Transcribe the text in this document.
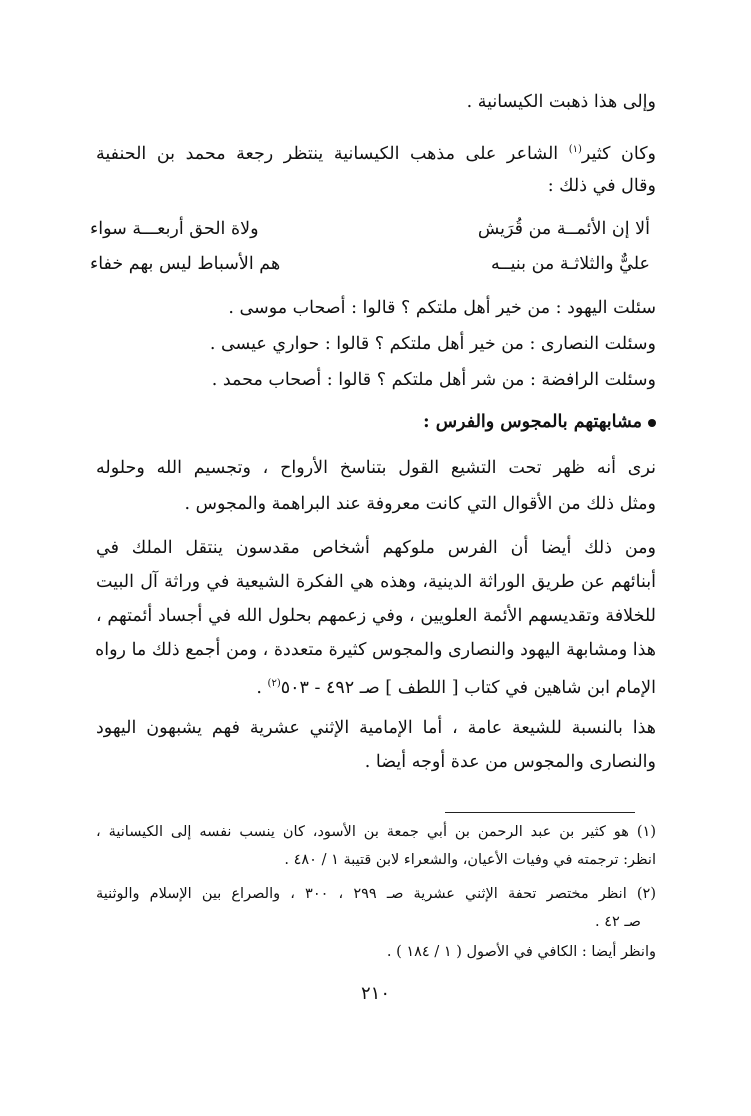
وإلى هذا ذهبت الكيسانية .
وكان كثير$^{(١)}$ الشاعر على مذهب الكيسانية ينتظر رجعة محمد بن الحنفية
وقال في ذلك :
ألا إن الأئمــة من قُرَيش
ولاة الحق أربعـــة سواء
عليٌّ والثلاثـة من بنيــه
هم الأسباط ليس بهم خفاء
سئلت اليهود : من خير أهل ملتكم ؟ قالوا : أصحاب موسى .
وسئلت النصارى : من خير أهل ملتكم ؟ قالوا : حواري عيسى .
وسئلت الرافضة : من شر أهل ملتكم ؟ قالوا : أصحاب محمد .
مشابهتهم بالمجوس والفرس :
نرى أنه ظهر تحت التشيع القول بتناسخ الأرواح ، وتجسيم الله وحلوله
ومثل ذلك من الأقوال التي كانت معروفة عند البراهمة والمجوس .
ومن ذلك أيضا أن الفرس ملوكهم أشخاص مقدسون ينتقل الملك في
أبنائهم عن طريق الوراثة الدينية، وهذه هي الفكرة الشيعية في وراثة آل البيت
للخلافة وتقديسهم الأئمة العلويين ، وفي زعمهم بحلول الله في أجساد أئمتهم ،
هذا ومشابهة اليهود والنصارى والمجوس كثيرة متعددة ، ومن أجمع ذلك ما رواه
الإمام ابن شاهين في كتاب [ اللطف ] صـ ٤٩٢ - ٥٠٣$^{(٢)}$ .
هذا بالنسبة للشيعة عامة ، أما الإمامية الإثني عشرية فهم يشبهون اليهود
والنصارى والمجوس من عدة أوجه أيضا .
(١) هو كثير بن عبد الرحمن بن أبي جمعة بن الأسود، كان ينسب نفسه إلى الكيسانية ،
انظر: ترجمته في وفيات الأعيان، والشعراء لابن قتيبة ١ / ٤٨٠ .
(٢) انظر مختصر تحفة الإثني عشرية صـ ٢٩٩ ، ٣٠٠ ، والصراع بين الإسلام والوثنية
صـ ٤٢ .
وانظر أيضا : الكافي في الأصول ( ١ / ١٨٤ ) .
٢١٠
